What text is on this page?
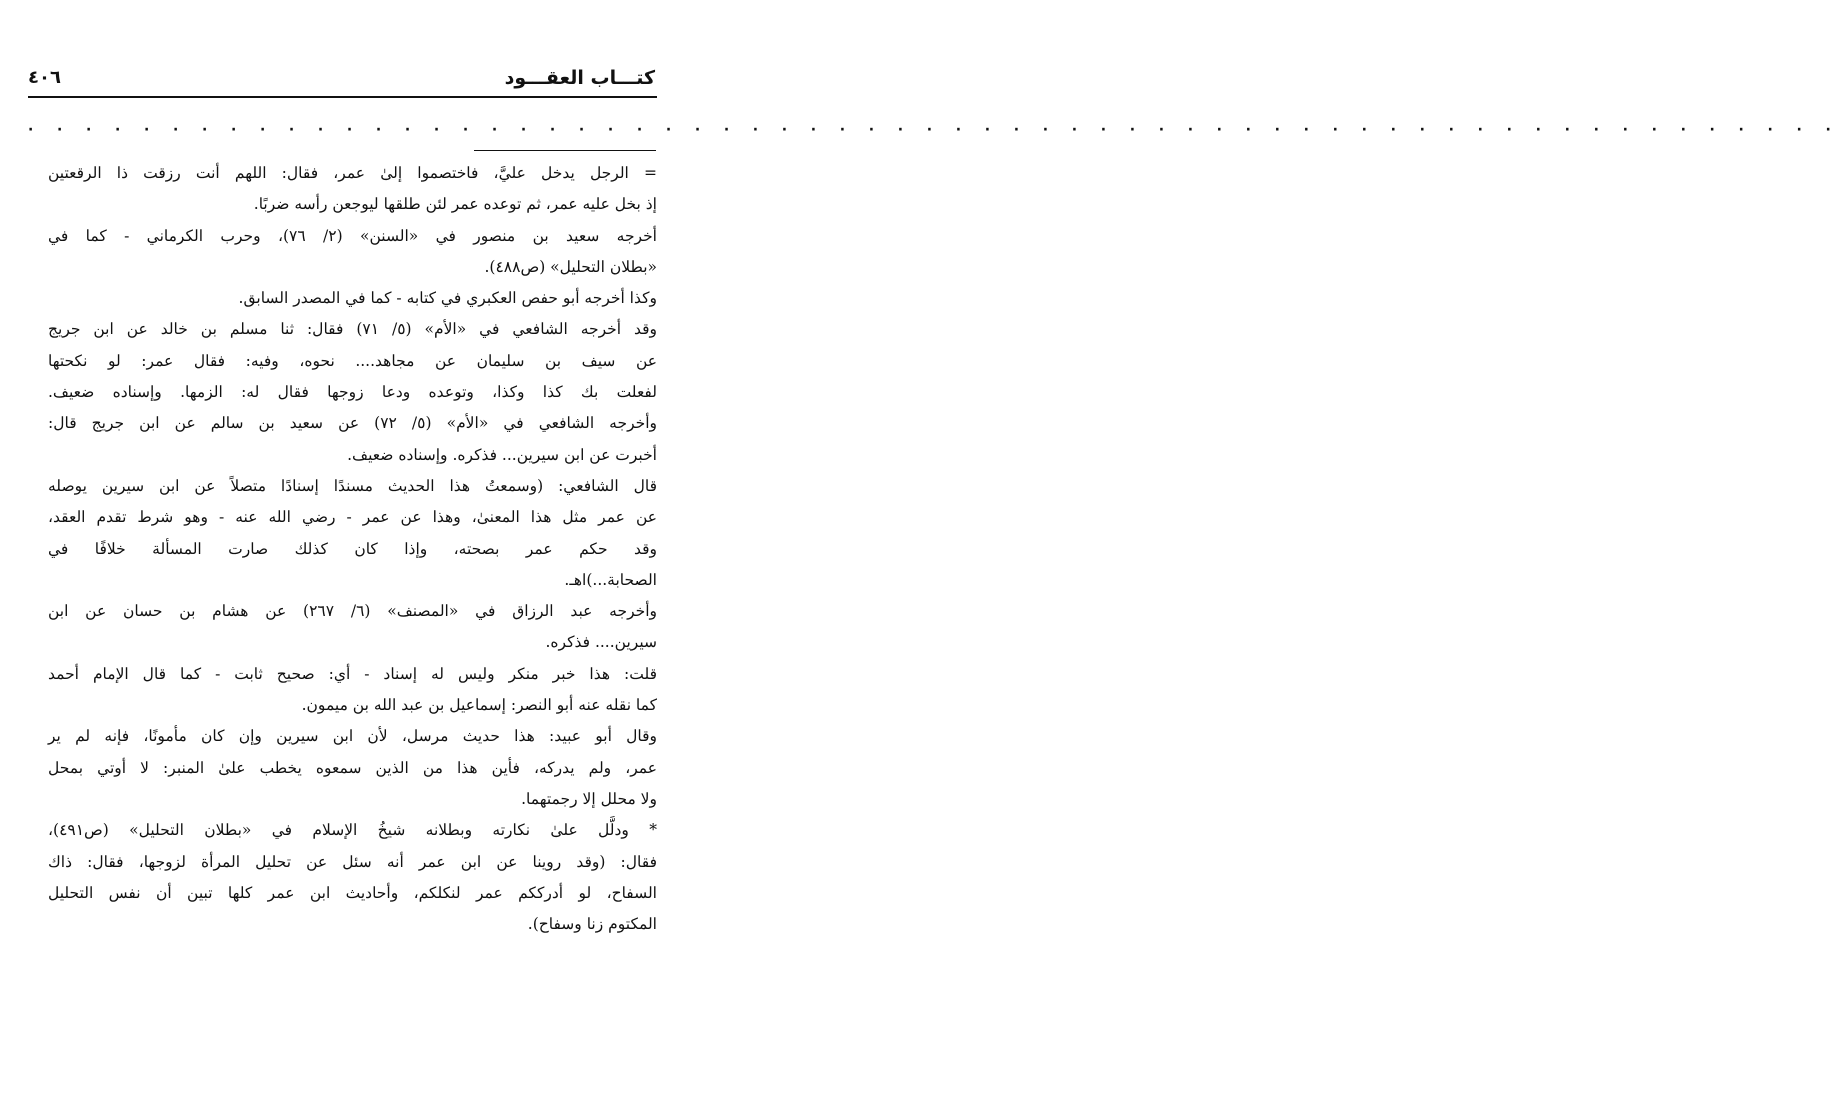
كتـــاب العقـــود
٤٠٦
· · · · · · · · · · · · · · · · · · · · · · · · · · · · · · · · · · · · · · · · · · · · · · · · · · · · · · · · · · · · · · ·
= الرجل يدخل عليَّ، فاختصموا إلىٰ عمر، فقال: اللهم أنت رزقت ذا الرقعتين
إذ بخل عليه عمر، ثم توعده عمر لئن طلقها ليوجعن رأسه ضربًا.
أخرجه سعيد بن منصور في «السنن» (٢/ ٧٦)، وحرب الكرماني - كما في
«بطلان التحليل» (ص٤٨٨).
وكذا أخرجه أبو حفص العكبري في كتابه - كما في المصدر السابق.
وقد أخرجه الشافعي في «الأم» (٥/ ٧١) فقال: ثنا مسلم بن خالد عن ابن جريج
عن سيف بن سليمان عن مجاهد.... نحوه، وفيه: فقال عمر: لو نكحتها
لفعلت بك كذا وكذا، وتوعده ودعا زوجها فقال له: الزمها. وإسناده ضعيف.
وأخرجه الشافعي في «الأم» (٥/ ٧٢) عن سعيد بن سالم عن ابن جريج قال:
أخبرت عن ابن سيرين... فذكره. وإسناده ضعيف.
قال الشافعي: (وسمعتُ هذا الحديث مسندًا إسنادًا متصلاً عن ابن سيرين يوصله
عن عمر مثل هذا المعنىٰ، وهذا عن عمر - رضي الله عنه - وهو شرط تقدم العقد،
وقد حكم عمر بصحته، وإذا كان كذلك صارت المسألة خلافًا في
الصحابة...)اهـ.
وأخرجه عبد الرزاق في «المصنف» (٦/ ٢٦٧) عن هشام بن حسان عن ابن
سيرين.... فذكره.
قلت: هذا خبر منكر وليس له إسناد - أي: صحيح ثابت - كما قال الإمام أحمد
كما نقله عنه أبو النصر: إسماعيل بن عبد الله بن ميمون.
وقال أبو عبيد: هذا حديث مرسل، لأن ابن سيرين وإن كان مأمونًا، فإنه لم ير
عمر، ولم يدركه، فأين هذا من الذين سمعوه يخطب علىٰ المنبر: لا أوتي بمحل
ولا محلل إلا رجمتهما.
* ودلَّل علىٰ نكارته وبطلانه شيخُ الإسلام في «بطلان التحليل» (ص٤٩١)،
فقال: (وقد روينا عن ابن عمر أنه سئل عن تحليل المرأة لزوجها، فقال: ذاك
السفاح، لو أدرككم عمر لنكلكم، وأحاديث ابن عمر كلها تبين أن نفس التحليل
المكتوم زنا وسفاح).
